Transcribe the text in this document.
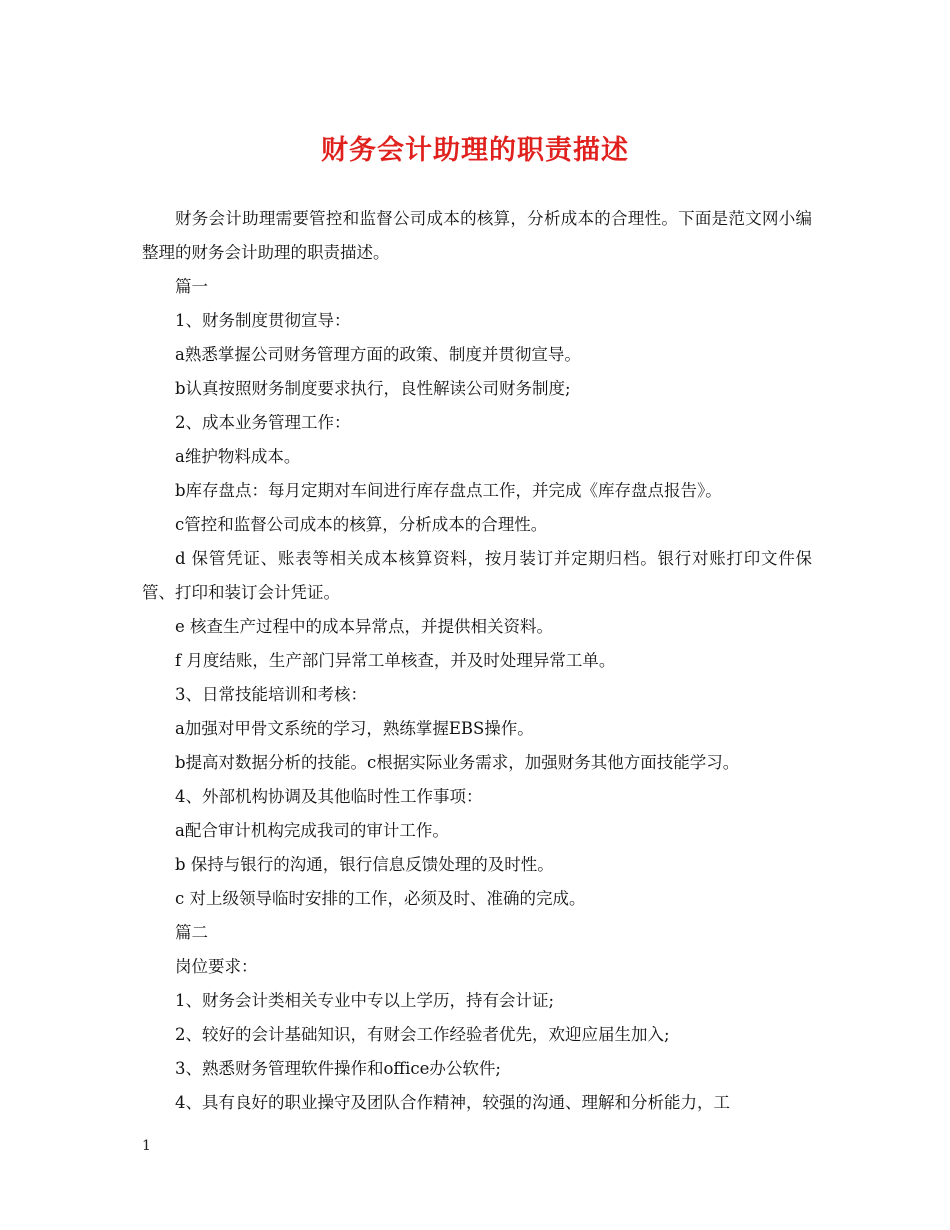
财务会计助理的职责描述

财务会计助理需要管控和监督公司成本的核算，分析成本的合理性。下面是范文网小编整理的财务会计助理的职责描述。

篇一

1、财务制度贯彻宣导：

a熟悉掌握公司财务管理方面的政策、制度并贯彻宣导。

b认真按照财务制度要求执行，良性解读公司财务制度;

2、成本业务管理工作：

a维护物料成本。

b库存盘点：每月定期对车间进行库存盘点工作，并完成《库存盘点报告》。

c管控和监督公司成本的核算，分析成本的合理性。

d 保管凭证、账表等相关成本核算资料，按月装订并定期归档。银行对账打印文件保管、打印和装订会计凭证。

e 核查生产过程中的成本异常点，并提供相关资料。

f 月度结账，生产部门异常工单核查，并及时处理异常工单。

3、日常技能培训和考核：

a加强对甲骨文系统的学习，熟练掌握EBS操作。

b提高对数据分析的技能。c根据实际业务需求，加强财务其他方面技能学习。

4、外部机构协调及其他临时性工作事项：

a配合审计机构完成我司的审计工作。

b 保持与银行的沟通，银行信息反馈处理的及时性。

c 对上级领导临时安排的工作，必须及时、准确的完成。

篇二

岗位要求：

1、财务会计类相关专业中专以上学历，持有会计证;

2、较好的会计基础知识，有财会工作经验者优先，欢迎应届生加入;

3、熟悉财务管理软件操作和office办公软件;

4、具有良好的职业操守及团队合作精神，较强的沟通、理解和分析能力，工

1
